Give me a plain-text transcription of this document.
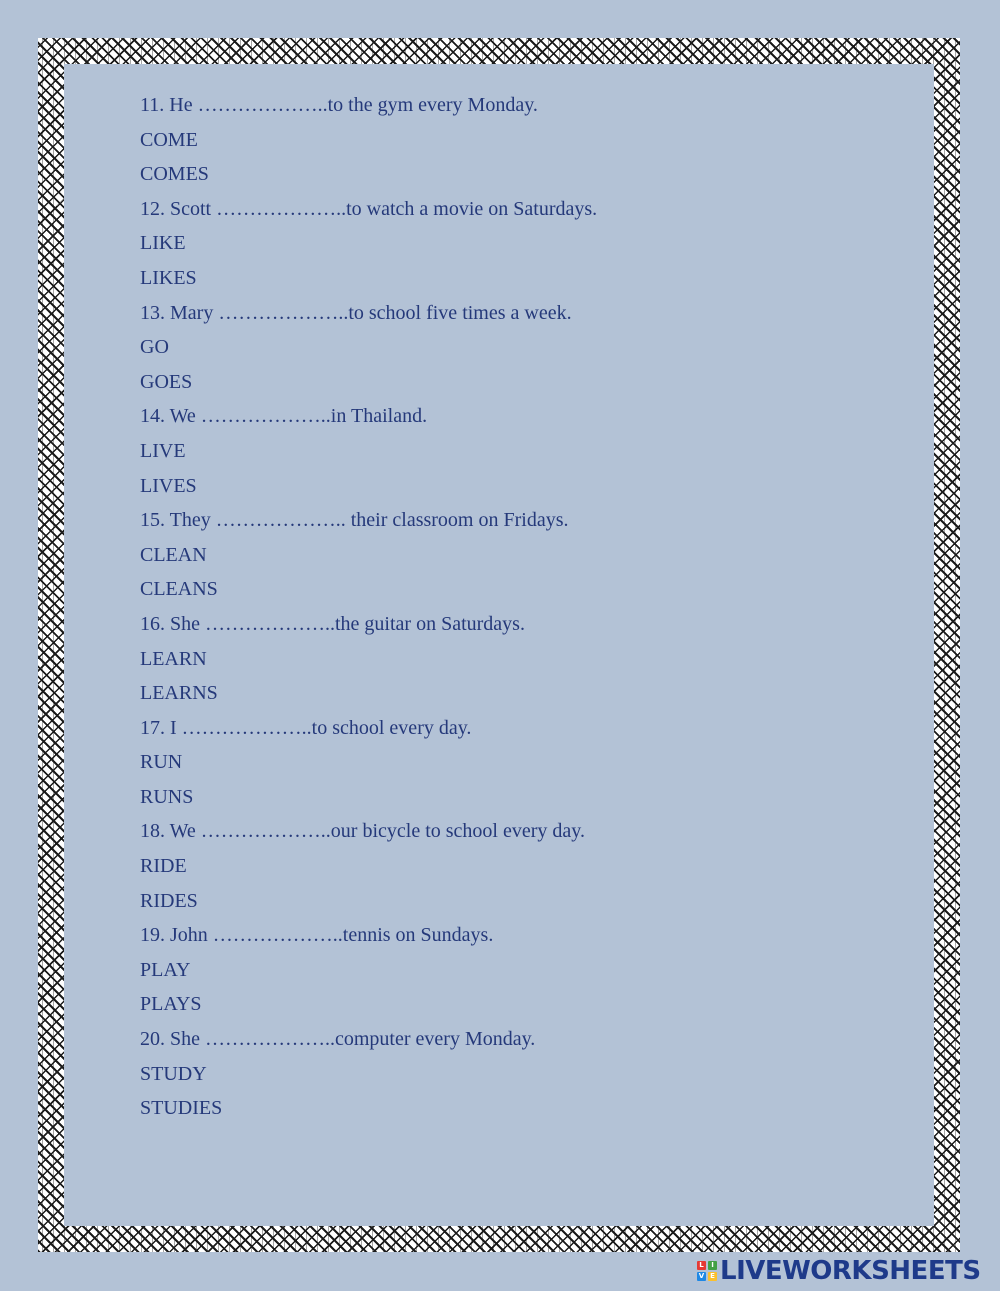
11. He ………………..to the gym every Monday.
COME
COMES
12. Scott ………………..to watch a movie on Saturdays.
LIKE
LIKES
13. Mary ………………..to school five times a week.
GO
GOES
14. We ………………..in Thailand.
LIVE
LIVES
15. They ……………….. their classroom on Fridays.
CLEAN
CLEANS
16. She ………………..the guitar on Saturdays.
LEARN
LEARNS
17. I ………………..to school every day.
RUN
RUNS
18. We ………………..our bicycle to school every day.
RIDE
RIDES
19. John ………………..tennis on Sundays.
PLAY
PLAYS
20. She ………………..computer every Monday.
STUDY
STUDIES
L	I
V E LIVEWORKSHEETS
